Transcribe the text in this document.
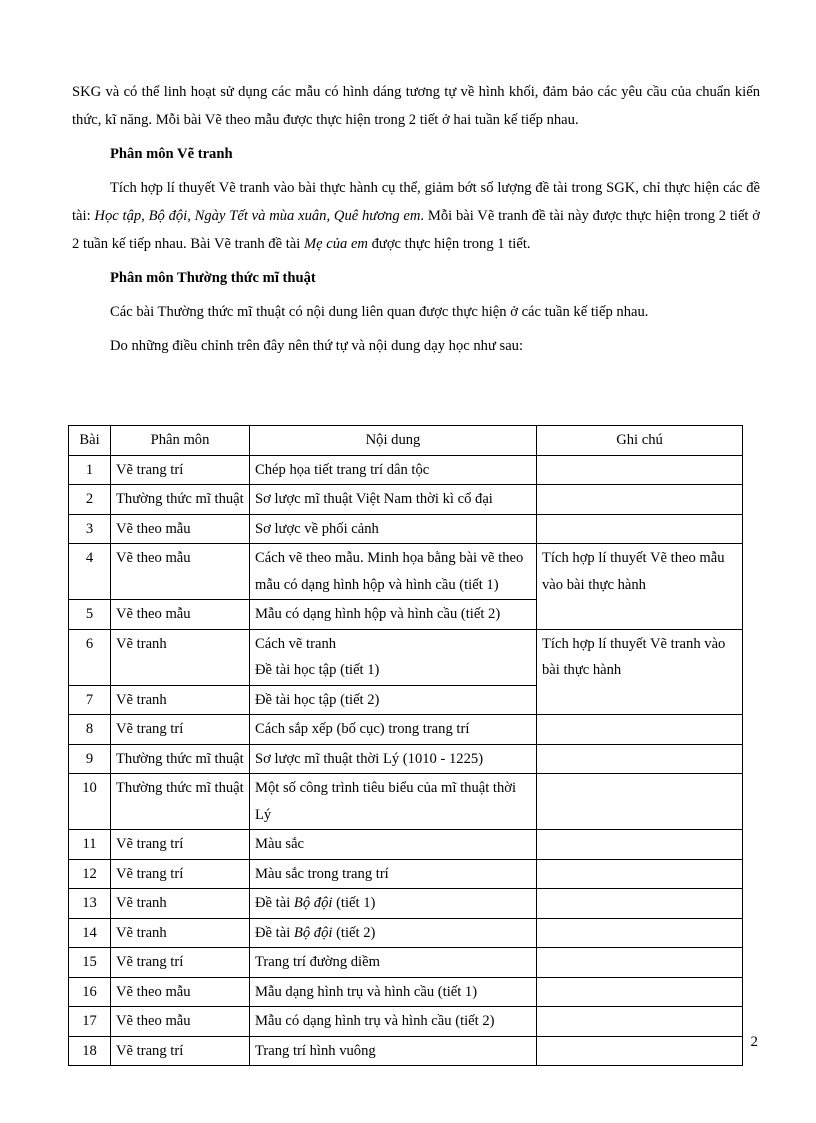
SKG và có thể linh hoạt sử dụng các mẫu có hình dáng tương tự về hình khối, đảm bảo các yêu cầu của chuẩn kiến thức, kĩ năng. Mỗi bài Vẽ theo mẫu được thực hiện trong 2 tiết ở hai tuần kế tiếp nhau.

Phân môn Vẽ tranh

Tích hợp lí thuyết Vẽ tranh vào bài thực hành cụ thể, giảm bớt số lượng đề tài trong SGK, chỉ thực hiện các đề tài: Học tập, Bộ đội, Ngày Tết và mùa xuân, Quê hương em. Mỗi bài Vẽ tranh đề tài này được thực hiện trong 2 tiết ở 2 tuần kế tiếp nhau. Bài Vẽ tranh đề tài Mẹ của em được thực hiện trong 1 tiết.

Phân môn Thường thức mĩ thuật

Các bài Thường thức mĩ thuật có nội dung liên quan được thực hiện ở các tuần kế tiếp nhau.

Do những điều chỉnh trên đây nên thứ tự và nội dung dạy học như sau:

Bài	Phân môn	Nội dung	Ghi chú
1	Vẽ trang trí	Chép họa tiết trang trí dân tộc	
2	Thường thức mĩ thuật	Sơ lược mĩ thuật Việt Nam thời kì cổ đại	
3	Vẽ theo mẫu	Sơ lược về phối cảnh	
4	Vẽ theo mẫu	Cách vẽ theo mẫu. Minh họa bằng bài vẽ theo mẫu có dạng hình hộp và hình cầu (tiết 1)	Tích hợp lí thuyết Vẽ theo mẫu vào bài thực hành
5	Vẽ theo mẫu	Mẫu có dạng hình hộp và hình cầu (tiết 2)	
6	Vẽ tranh	Cách vẽ tranh
Đề tài học tập (tiết 1)	Tích hợp lí thuyết Vẽ tranh vào bài thực hành
7	Vẽ tranh	Đề tài học tập (tiết 2)	
8	Vẽ trang trí	Cách sắp xếp (bố cục) trong trang trí	
9	Thường thức mĩ thuật	Sơ lược mĩ thuật thời Lý (1010 - 1225)	
10	Thường thức mĩ thuật	Một số công trình tiêu biểu của mĩ thuật thời Lý	
11	Vẽ trang trí	Màu sắc	
12	Vẽ trang trí	Màu sắc trong trang trí	
13	Vẽ tranh	Đề tài Bộ đội (tiết 1)	
14	Vẽ tranh	Đề tài Bộ đội (tiết 2)	
15	Vẽ trang trí	Trang trí đường diềm	
16	Vẽ theo mẫu	Mẫu dạng hình trụ và hình cầu (tiết 1)	
17	Vẽ theo mẫu	Mẫu có dạng hình trụ và hình cầu (tiết 2)	
18	Vẽ trang trí	Trang trí hình vuông	
2
